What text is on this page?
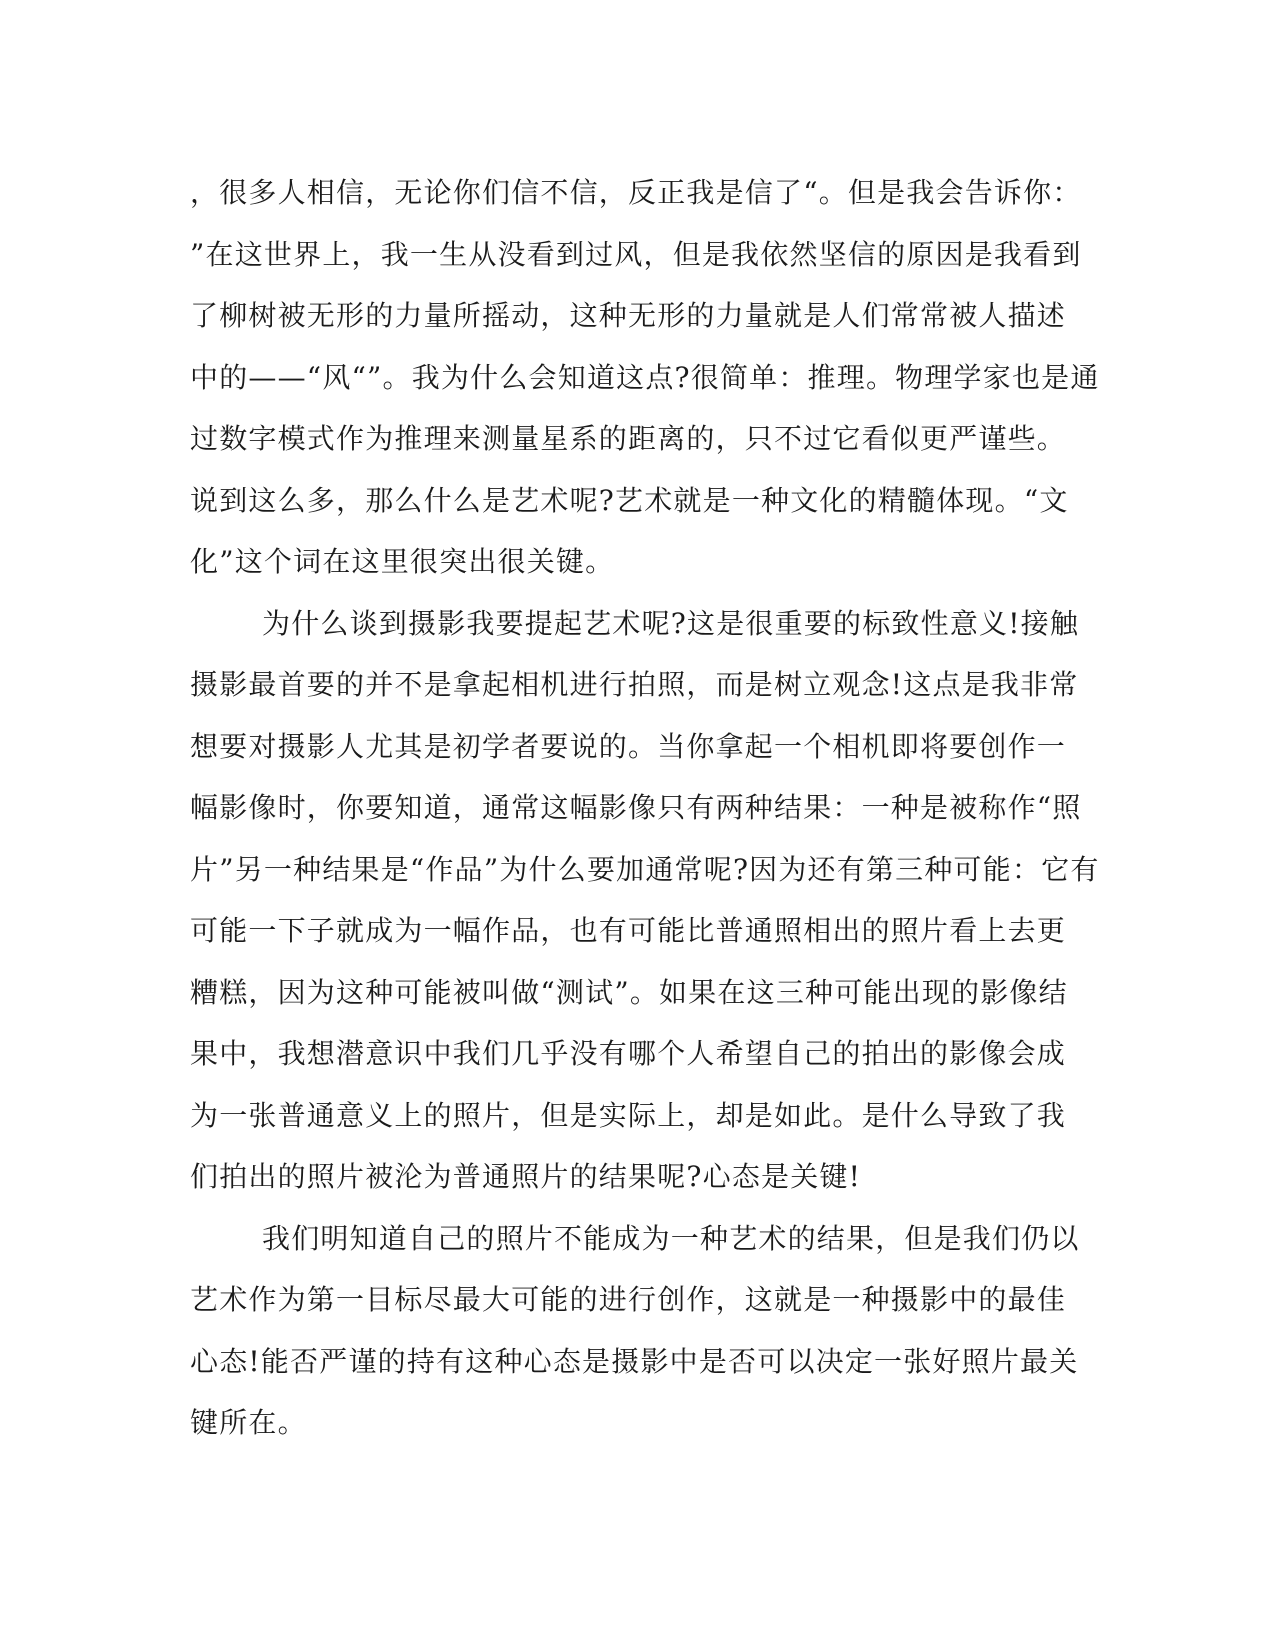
，很多人相信，无论你们信不信，反正我是信了“。但是我会告诉你：
”在这世界上，我一生从没看到过风，但是我依然坚信的原因是我看到
了柳树被无形的力量所摇动，这种无形的力量就是人们常常被人描述
中的——“风“”。我为什么会知道这点?很简单：推理。物理学家也是通
过数字模式作为推理来测量星系的距离的，只不过它看似更严谨些。
说到这么多，那么什么是艺术呢?艺术就是一种文化的精髓体现。“文
化”这个词在这里很突出很关键。
为什么谈到摄影我要提起艺术呢?这是很重要的标致性意义!接触
摄影最首要的并不是拿起相机进行拍照，而是树立观念!这点是我非常
想要对摄影人尤其是初学者要说的。当你拿起一个相机即将要创作一
幅影像时，你要知道，通常这幅影像只有两种结果：一种是被称作“照
片”另一种结果是“作品”为什么要加通常呢?因为还有第三种可能：它有
可能一下子就成为一幅作品，也有可能比普通照相出的照片看上去更
糟糕，因为这种可能被叫做“测试”。如果在这三种可能出现的影像结
果中，我想潜意识中我们几乎没有哪个人希望自己的拍出的影像会成
为一张普通意义上的照片，但是实际上，却是如此。是什么导致了我
们拍出的照片被沦为普通照片的结果呢?心态是关键!
我们明知道自己的照片不能成为一种艺术的结果，但是我们仍以
艺术作为第一目标尽最大可能的进行创作，这就是一种摄影中的最佳
心态!能否严谨的持有这种心态是摄影中是否可以决定一张好照片最关
键所在。
